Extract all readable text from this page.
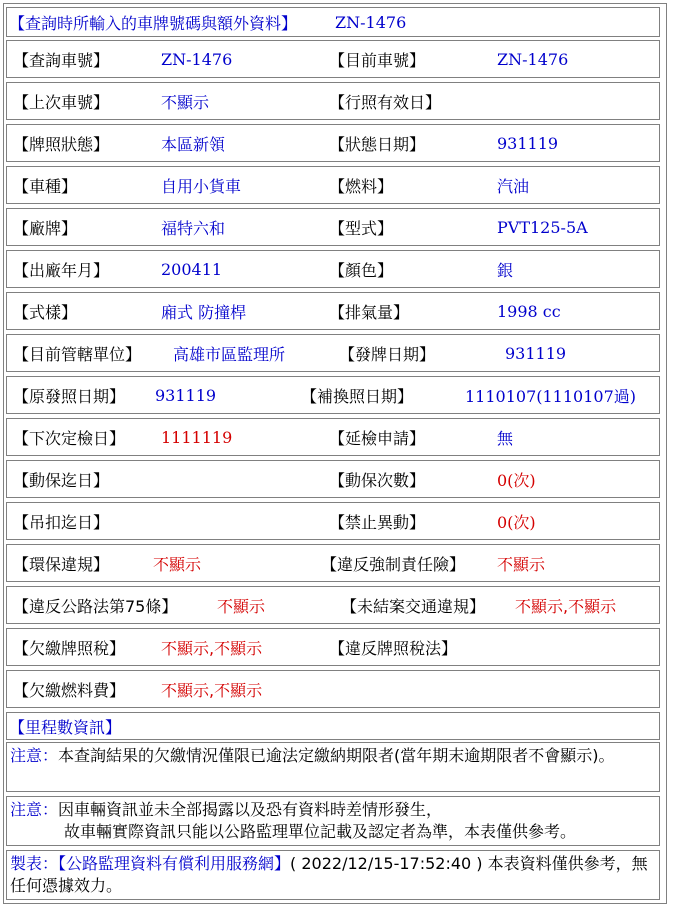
【查詢時所輸入的車牌號碼與額外資料】 ZN-1476
【查詢車號】	ZN-1476	【目前車號】	ZN-1476
【上次車號】	不顯示	【行照有效日】
【牌照狀態】	本區新領	【狀態日期】	931119
【車種】	自用小貨車	【燃料】	汽油
【廠牌】	福特六和	【型式】	PVT125-5A
【出廠年月】	200411	【顏色】	銀
【式樣】	廂式 防撞桿	【排氣量】	1998 cc
【目前管轄單位】 高雄市區監理所	【發牌日期】	931119
【原發照日期】 931119	【補換照日期】	1110107(1110107過)
【下次定檢日】 1111119	【延檢申請】	無
【動保迄日】	【動保次數】	0(次)
【吊扣迄日】	【禁止異動】	0(次)
【環保違規】	不顯示	【違反強制責任險】 不顯示
【違反公路法第75條】 不顯示	【未結案交通違規】 不顯示,不顯示
【欠繳牌照稅】 不顯示,不顯示	【違反牌照稅法】
【欠繳燃料費】 不顯示,不顯示
【里程數資訊】
注意：本查詢結果的欠繳情況僅限已逾法定繳納期限者(當年期末逾期限者不會顯示)。
注意：因車輛資訊並未全部揭露以及恐有資料時差情形發生，
故車輛實際資訊只能以公路監理單位記載及認定者為準，本表僅供參考。
製表：【公路監理資料有償利用服務網】( 2022/12/15-17:52:40 ) 本表資料僅供參考，無任何憑據效力。
